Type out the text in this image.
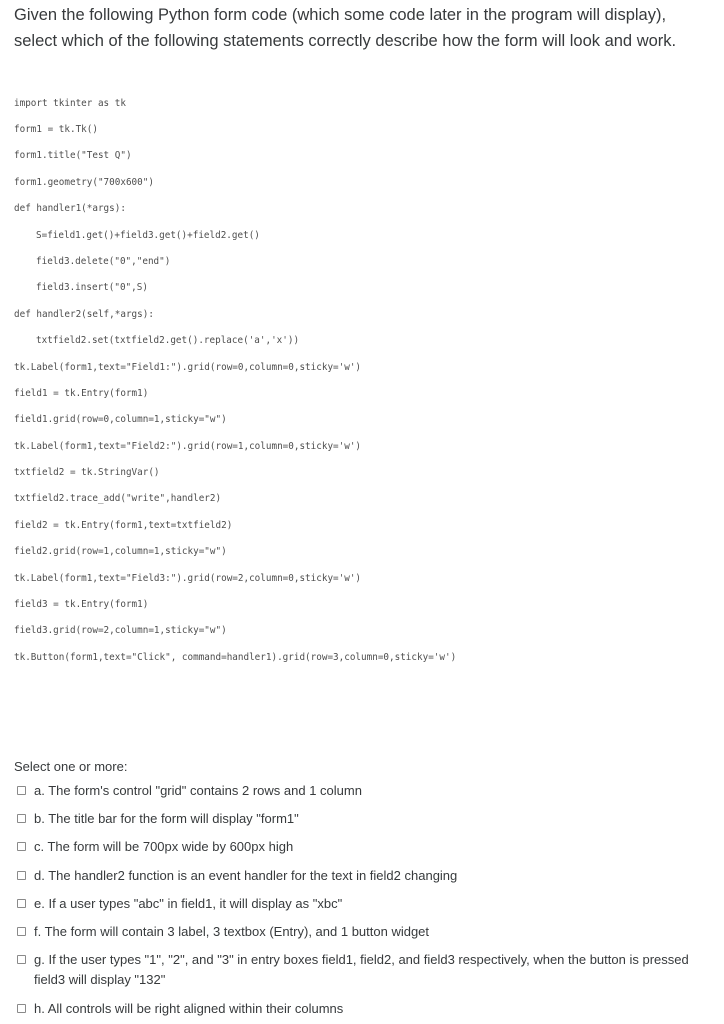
Given the following Python form code (which some code later in the program will display), select which of the following statements correctly describe how the form will look and work.
import tkinter as tk
form1 = tk.Tk()
form1.title("Test Q")
form1.geometry("700x600")
def handler1(*args):
S=field1.get()+field3.get()+field2.get()
field3.delete("0","end")
field3.insert("0",S)
def handler2(self,*args):
txtfield2.set(txtfield2.get().replace('a','x'))
tk.Label(form1,text="Field1:").grid(row=0,column=0,sticky='w')
field1 = tk.Entry(form1)
field1.grid(row=0,column=1,sticky="w")
tk.Label(form1,text="Field2:").grid(row=1,column=0,sticky='w')
txtfield2 = tk.StringVar()
txtfield2.trace_add("write",handler2)
field2 = tk.Entry(form1,text=txtfield2)
field2.grid(row=1,column=1,sticky="w")
tk.Label(form1,text="Field3:").grid(row=2,column=0,sticky='w')
field3 = tk.Entry(form1)
field3.grid(row=2,column=1,sticky="w")
tk.Button(form1,text="Click", command=handler1).grid(row=3,column=0,sticky='w')
Select one or more:
a. The form's control "grid" contains 2 rows and 1 column
b. The title bar for the form will display "form1"
c. The form will be 700px wide by 600px high
d. The handler2 function is an event handler for the text in field2 changing
e. If a user types "abc" in field1, it will display as "xbc"
f. The form will contain 3 label, 3 textbox (Entry), and 1 button widget
g. If the user types "1", "2", and "3" in entry boxes field1, field2, and field3 respectively, when the button is pressed field3 will display "132"
h. All controls will be right aligned within their columns
